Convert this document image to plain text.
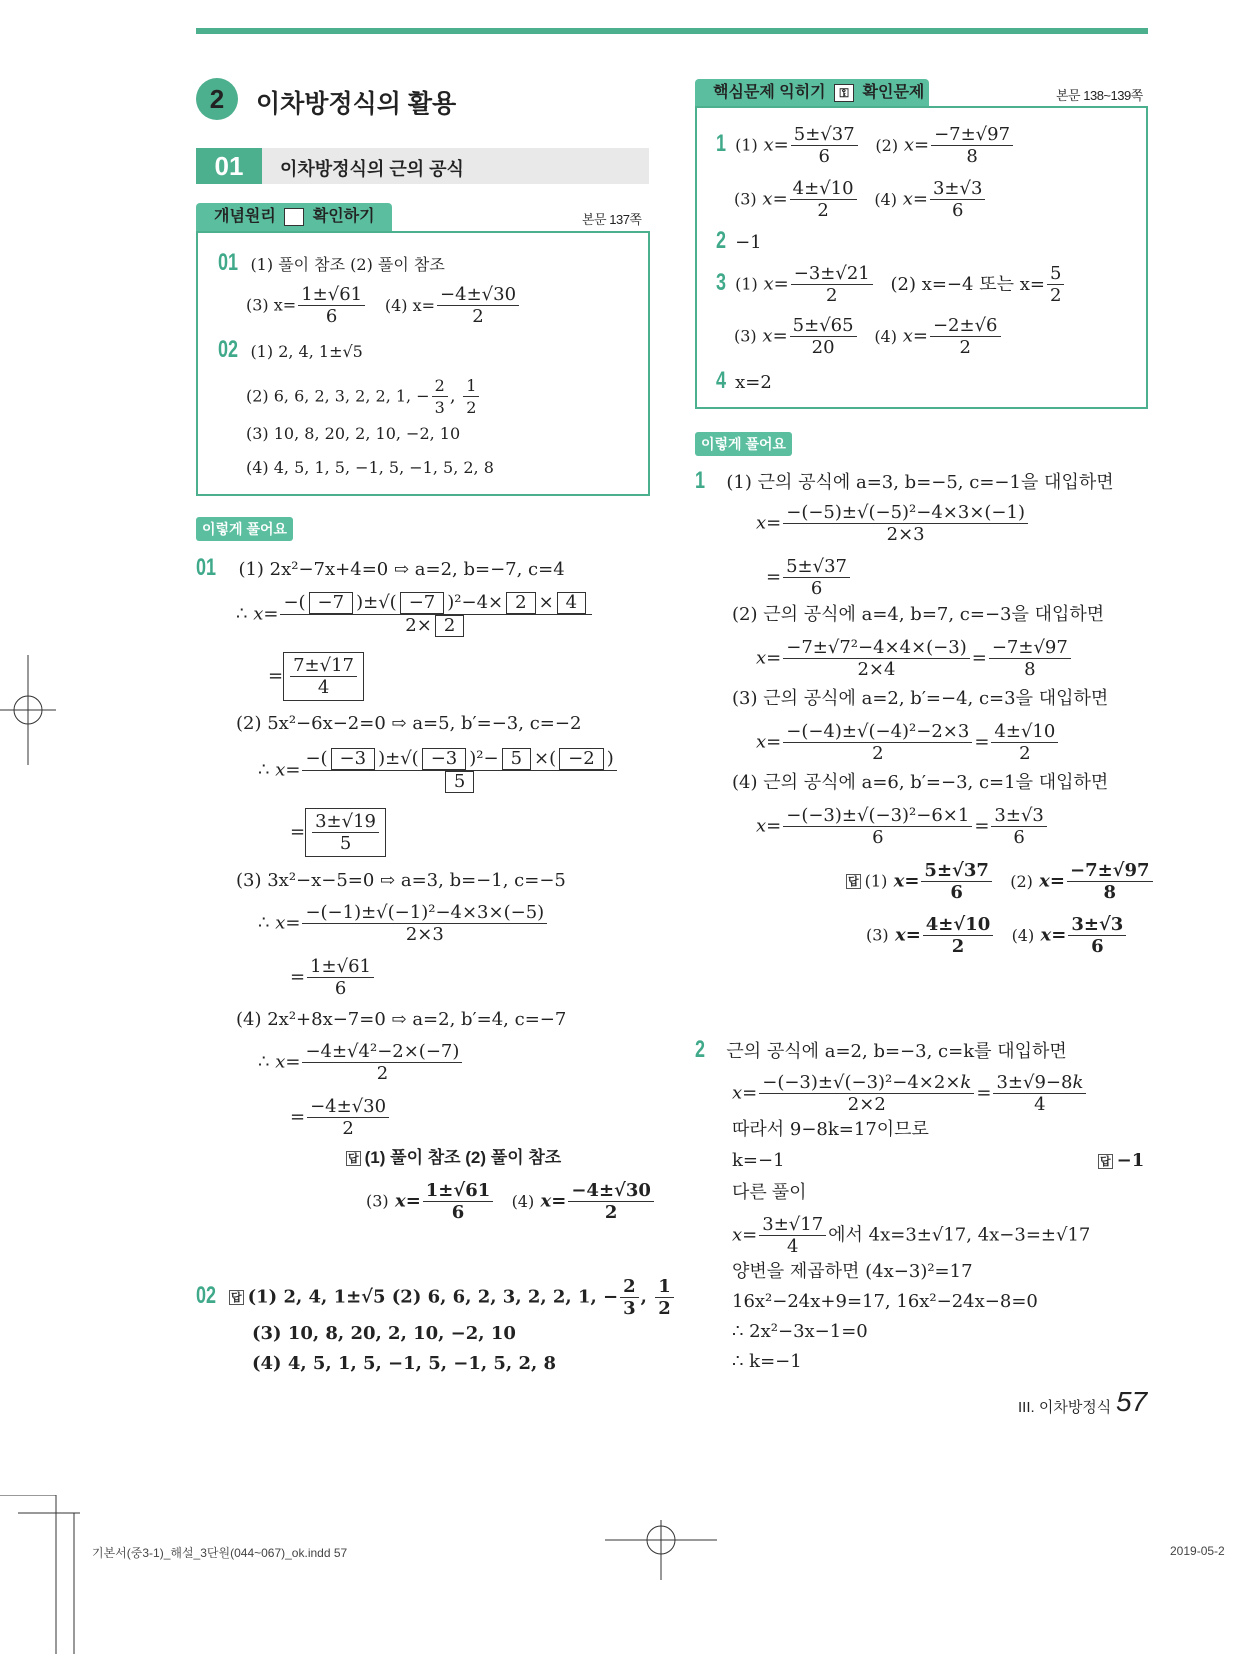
2	이차방정식의 활용
01	이차방정식의 근의 공식
개념원리 확인하기	본문 137쪽
01 (1) 풀이 참조 (2) 풀이 참조
(3) $x= \frac{1\pm√61}{6} (4)$ $x= \frac{-4\pm√30}{2}$
02 (1) 2, 4, 1±√5
(2) 6, 6, 2, 3, 2, 2, 1, − $\frac{2}{3}$ , $\frac{1}{2}$
(3) 10, 8, 20, 2, 10, −2, 10
(4) 4, 5, 1, 5, −1, 5, −1, 5, 2, 8
이렇게 풀어요
01 (1) 2x²−7x+4=0 ⇨ a=2, b=−7, c=4
∴ $x= \frac{\text{−( −7 )±√( −7 )²−4× 2 × 4}}{2\times 2}$
= $\frac{7\pm√17}{4}$
(2) 5x²−6x−2=0 ⇨ a=5, b′=−3, c=−2
∴ $x= \frac{\text{−( −3 )±√( −3 )²− 5 ×( −2 )}}{5}$
= $\frac{3\pm√19}{5}$
(3) 3x²−x−5=0 ⇨ a=3, b=−1, c=−5
∴ $x= \frac{\text{−(−1)±√(−1)²−4×3×(−5)}}{2\times 3}$
= $\frac{1\pm√61}{6}$
(4) 2x²+8x−7=0 ⇨ a=2, b′=4, c=−7
∴ $x= \frac{\text{−4±√4²−2×(−7)}}{2}$
= $\frac{-4\pm√30}{2}$
답 (1) 풀이 참조 (2) 풀이 참조
(3) $x= \frac{1\pm√61}{6} (4)$ $x= \frac{-4\pm√30}{2}$
02 답 (1) 2, 4, 1±√5 (2) 6, 6, 2, 3, 2, 2, 1, − $\frac{2}{3}$ , $\frac{1}{2}$
(3) 10, 8, 20, 2, 10, −2, 10
(4) 4, 5, 1, 5, −1, 5, −1, 5, 2, 8
핵심문제 익히기 ⚿ 확인문제	본문 138~139쪽
1 (1) $x= \frac{5\pm√37}{6} (2)$ $x= \frac{-7\pm√97}{8}$
(3) $x= \frac{4\pm√10}{2} (4)$ $x= \frac{3\pm√3}{6}$
2 −1
3 (1) $x= \frac{-3\pm√21}{2} (2)$ x=−4 또는 $x= \frac{5}{2}$
(3) $x= \frac{5\pm√65}{20} (4)$ $x= \frac{-2\pm√6}{2}$
4 x=2
이렇게 풀어요
1 (1) 근의 공식에 a=3, b=−5, c=−1을 대입하면
$x= \frac{\text{−(−5)±√(−5)²−4×3×(−1)}}{2\times 3}$
= $\frac{5\pm√37}{6}$
(2) 근의 공식에 a=4, b=7, c=−3을 대입하면
$x= \frac{\text{−7±√7²−4×4×(−3)}}{2\times 4} = \frac{-7\pm√97}{8}$
(3) 근의 공식에 a=2, b′=−4, c=3을 대입하면
$x= \frac{\text{−(−4)±√(−4)²−2×3}}{2} = \frac{4\pm√10}{2}$
(4) 근의 공식에 a=6, b′=−3, c=1을 대입하면
$x= \frac{\text{−(−3)±√(−3)²−6×1}}{6} = \frac{3\pm√3}{6}$
답 (1) $x= \frac{5\pm√37}{6} (2)$ $x= \frac{-7\pm√97}{8}$
(3) $x= \frac{4\pm√10}{2} (4)$ $x= \frac{3\pm√3}{6}$
2 근의 공식에 a=2, b=−3, c=k를 대입하면
$x= \frac{\text{−(−3)±√(−3)²−4×2×k}}{2\times 2} = \frac{3\pm√9-8k}{4}$
따라서 9−8k=17이므로
k=−1	답 −1
다른 풀이
$x= \frac{3\pm√17}{4}$ 에서 4x=3±√17, 4x−3=±√17
양변을 제곱하면 (4x−3)²=17
16x²−24x+9=17, 16x²−24x−8=0
∴ 2x²−3x−1=0
∴ k=−1
III. 이차방정식 57
기본서(중3-1)_해설_3단원(044~067)_ok.indd 57	2019-05-2
